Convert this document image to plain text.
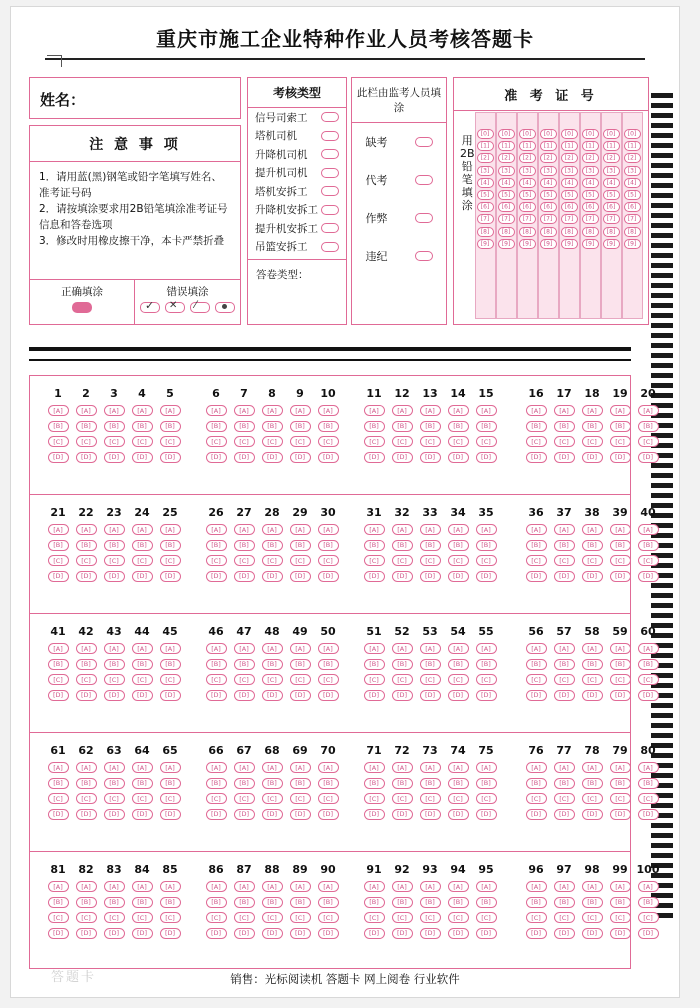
重庆市施工企业特种作业人员考核答题卡
姓名：
注 意 事 项
1．请用蓝(黑)钢笔或铅字笔填写姓名、准考证号码
2．请按填涂要求用2B铅笔填涂准考证号信息和答卷选项
3．修改时用橡皮擦干净，本卡严禁折叠
正确填涂	错误填涂
✓ ✕ ∕
考核类型
信号司索工
塔机司机
升降机司机
提升机司机
塔机安拆工
升降机安拆工
提升机安拆工
吊篮安拆工
答卷类型：
此栏由监考人员填涂
缺考
代考
作弊
违纪
准 考 证 号
用2B铅笔填涂
[0]
[1]
[2]
[3]
[4]
[5]
[6]
[7]
[8]
[9]
[0]
[1]
[2]
[3]
[4]
[5]
[6]
[7]
[8]
[9]
[0]
[1]
[2]
[3]
[4]
[5]
[6]
[7]
[8]
[9]
[0]
[1]
[2]
[3]
[4]
[5]
[6]
[7]
[8]
[9]
[0]
[1]
[2]
[3]
[4]
[5]
[6]
[7]
[8]
[9]
[0]
[1]
[2]
[3]
[4]
[5]
[6]
[7]
[8]
[9]
[0]
[1]
[2]
[3]
[4]
[5]
[6]
[7]
[8]
[9]
[0]
[1]
[2]
[3]
[4]
[5]
[6]
[7]
[8]
[9]
1
[A]
[B]
[C]
[D]
2
[A]
[B]
[C]
[D]
3
[A]
[B]
[C]
[D]
4
[A]
[B]
[C]
[D]
5
[A]
[B]
[C]
[D]
6
[A]
[B]
[C]
[D]
7
[A]
[B]
[C]
[D]
8
[A]
[B]
[C]
[D]
9
[A]
[B]
[C]
[D]
10
[A]
[B]
[C]
[D]
11
[A]
[B]
[C]
[D]
12
[A]
[B]
[C]
[D]
13
[A]
[B]
[C]
[D]
14
[A]
[B]
[C]
[D]
15
[A]
[B]
[C]
[D]
16
[A]
[B]
[C]
[D]
17
[A]
[B]
[C]
[D]
18
[A]
[B]
[C]
[D]
19
[A]
[B]
[C]
[D]
20
[A]
[B]
[C]
[D]
21
[A]
[B]
[C]
[D]
22
[A]
[B]
[C]
[D]
23
[A]
[B]
[C]
[D]
24
[A]
[B]
[C]
[D]
25
[A]
[B]
[C]
[D]
26
[A]
[B]
[C]
[D]
27
[A]
[B]
[C]
[D]
28
[A]
[B]
[C]
[D]
29
[A]
[B]
[C]
[D]
30
[A]
[B]
[C]
[D]
31
[A]
[B]
[C]
[D]
32
[A]
[B]
[C]
[D]
33
[A]
[B]
[C]
[D]
34
[A]
[B]
[C]
[D]
35
[A]
[B]
[C]
[D]
36
[A]
[B]
[C]
[D]
37
[A]
[B]
[C]
[D]
38
[A]
[B]
[C]
[D]
39
[A]
[B]
[C]
[D]
40
[A]
[B]
[C]
[D]
41
[A]
[B]
[C]
[D]
42
[A]
[B]
[C]
[D]
43
[A]
[B]
[C]
[D]
44
[A]
[B]
[C]
[D]
45
[A]
[B]
[C]
[D]
46
[A]
[B]
[C]
[D]
47
[A]
[B]
[C]
[D]
48
[A]
[B]
[C]
[D]
49
[A]
[B]
[C]
[D]
50
[A]
[B]
[C]
[D]
51
[A]
[B]
[C]
[D]
52
[A]
[B]
[C]
[D]
53
[A]
[B]
[C]
[D]
54
[A]
[B]
[C]
[D]
55
[A]
[B]
[C]
[D]
56
[A]
[B]
[C]
[D]
57
[A]
[B]
[C]
[D]
58
[A]
[B]
[C]
[D]
59
[A]
[B]
[C]
[D]
60
[A]
[B]
[C]
[D]
61
[A]
[B]
[C]
[D]
62
[A]
[B]
[C]
[D]
63
[A]
[B]
[C]
[D]
64
[A]
[B]
[C]
[D]
65
[A]
[B]
[C]
[D]
66
[A]
[B]
[C]
[D]
67
[A]
[B]
[C]
[D]
68
[A]
[B]
[C]
[D]
69
[A]
[B]
[C]
[D]
70
[A]
[B]
[C]
[D]
71
[A]
[B]
[C]
[D]
72
[A]
[B]
[C]
[D]
73
[A]
[B]
[C]
[D]
74
[A]
[B]
[C]
[D]
75
[A]
[B]
[C]
[D]
76
[A]
[B]
[C]
[D]
77
[A]
[B]
[C]
[D]
78
[A]
[B]
[C]
[D]
79
[A]
[B]
[C]
[D]
80
[A]
[B]
[C]
[D]
81
[A]
[B]
[C]
[D]
82
[A]
[B]
[C]
[D]
83
[A]
[B]
[C]
[D]
84
[A]
[B]
[C]
[D]
85
[A]
[B]
[C]
[D]
86
[A]
[B]
[C]
[D]
87
[A]
[B]
[C]
[D]
88
[A]
[B]
[C]
[D]
89
[A]
[B]
[C]
[D]
90
[A]
[B]
[C]
[D]
91
[A]
[B]
[C]
[D]
92
[A]
[B]
[C]
[D]
93
[A]
[B]
[C]
[D]
94
[A]
[B]
[C]
[D]
95
[A]
[B]
[C]
[D]
96
[A]
[B]
[C]
[D]
97
[A]
[B]
[C]
[D]
98
[A]
[B]
[C]
[D]
99
[A]
[B]
[C]
[D]
100
[A]
[B]
[C]
[D]
答题卡	销售：光标阅读机 答题卡 网上阅卷 行业软件
